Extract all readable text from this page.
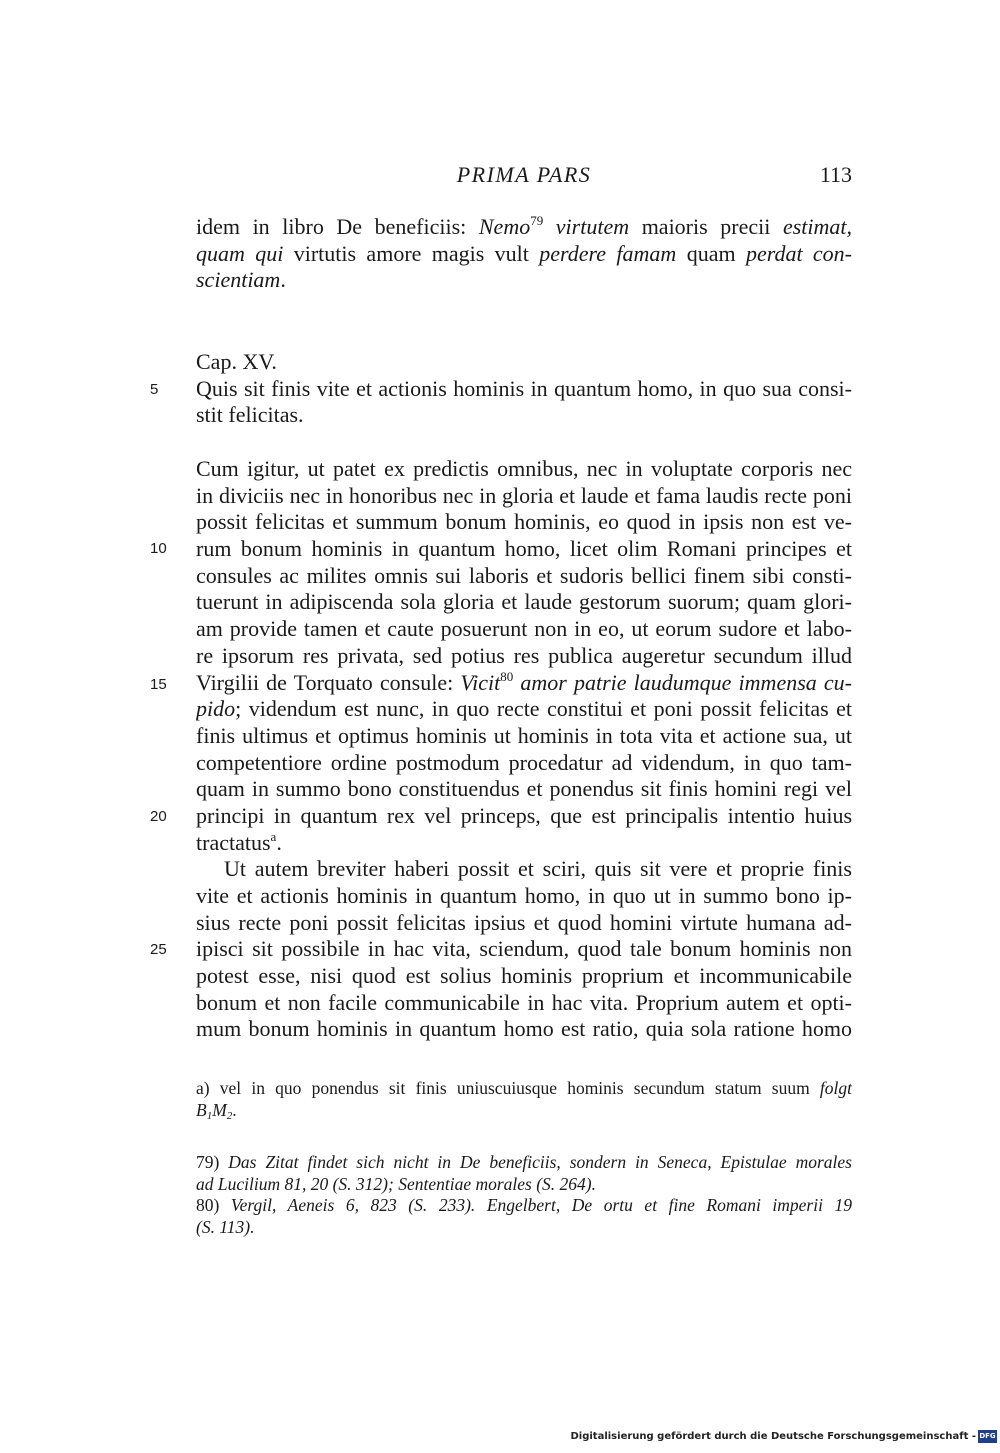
PRIMA PARS	113
idem in libro De beneficiis: Nemo$^{79}$ virtutem maioris precii estimat,
quam qui virtutis amore magis vult perdere famam quam perdat con-
scientiam.
Cap. XV.
Quis sit finis vite et actionis hominis in quantum homo, in quo sua consi-
stit felicitas.
5
10
15
20
25
Cum igitur, ut patet ex predictis omnibus, nec in voluptate corporis nec
in diviciis nec in honoribus nec in gloria et laude et fama laudis recte poni
possit felicitas et summum bonum hominis, eo quod in ipsis non est ve-
rum bonum hominis in quantum homo, licet olim Romani principes et
consules ac milites omnis sui laboris et sudoris bellici finem sibi consti-
tuerunt in adipiscenda sola gloria et laude gestorum suorum; quam glori-
am provide tamen et caute posuerunt non in eo, ut eorum sudore et labo-
re ipsorum res privata, sed potius res publica augeretur secundum illud
Virgilii de Torquato consule: Vicit$^{80}$ amor patrie laudumque immensa cu-
pido; videndum est nunc, in quo recte constitui et poni possit felicitas et
finis ultimus et optimus hominis ut hominis in tota vita et actione sua, ut
competentiore ordine postmodum procedatur ad videndum, in quo tam-
quam in summo bono constituendus et ponendus sit finis homini regi vel
principi in quantum rex vel princeps, que est principalis intentio huius
tractatus$^a$.
Ut autem breviter haberi possit et sciri, quis sit vere et proprie finis
vite et actionis hominis in quantum homo, in quo ut in summo bono ip-
sius recte poni possit felicitas ipsius et quod homini virtute humana ad-
ipisci sit possibile in hac vita, sciendum, quod tale bonum hominis non
potest esse, nisi quod est solius hominis proprium et incommunicabile
bonum et non facile communicabile in hac vita. Proprium autem et opti-
mum bonum hominis in quantum homo est ratio, quia sola ratione homo
a) vel in quo ponendus sit finis uniuscuiusque hominis secundum statum suum folgt
$B_1M_2$.
79) Das Zitat findet sich nicht in De beneficiis, sondern in Seneca, Epistulae morales
ad Lucilium 81, 20 (S. 312); Sententiae morales (S. 264).
80) Vergil, Aeneis 6, 823 (S. 233). Engelbert, De ortu et fine Romani imperii 19
(S. 113).
Digitalisierung gefördert durch die Deutsche Forschungsgemeinschaft - DFG
